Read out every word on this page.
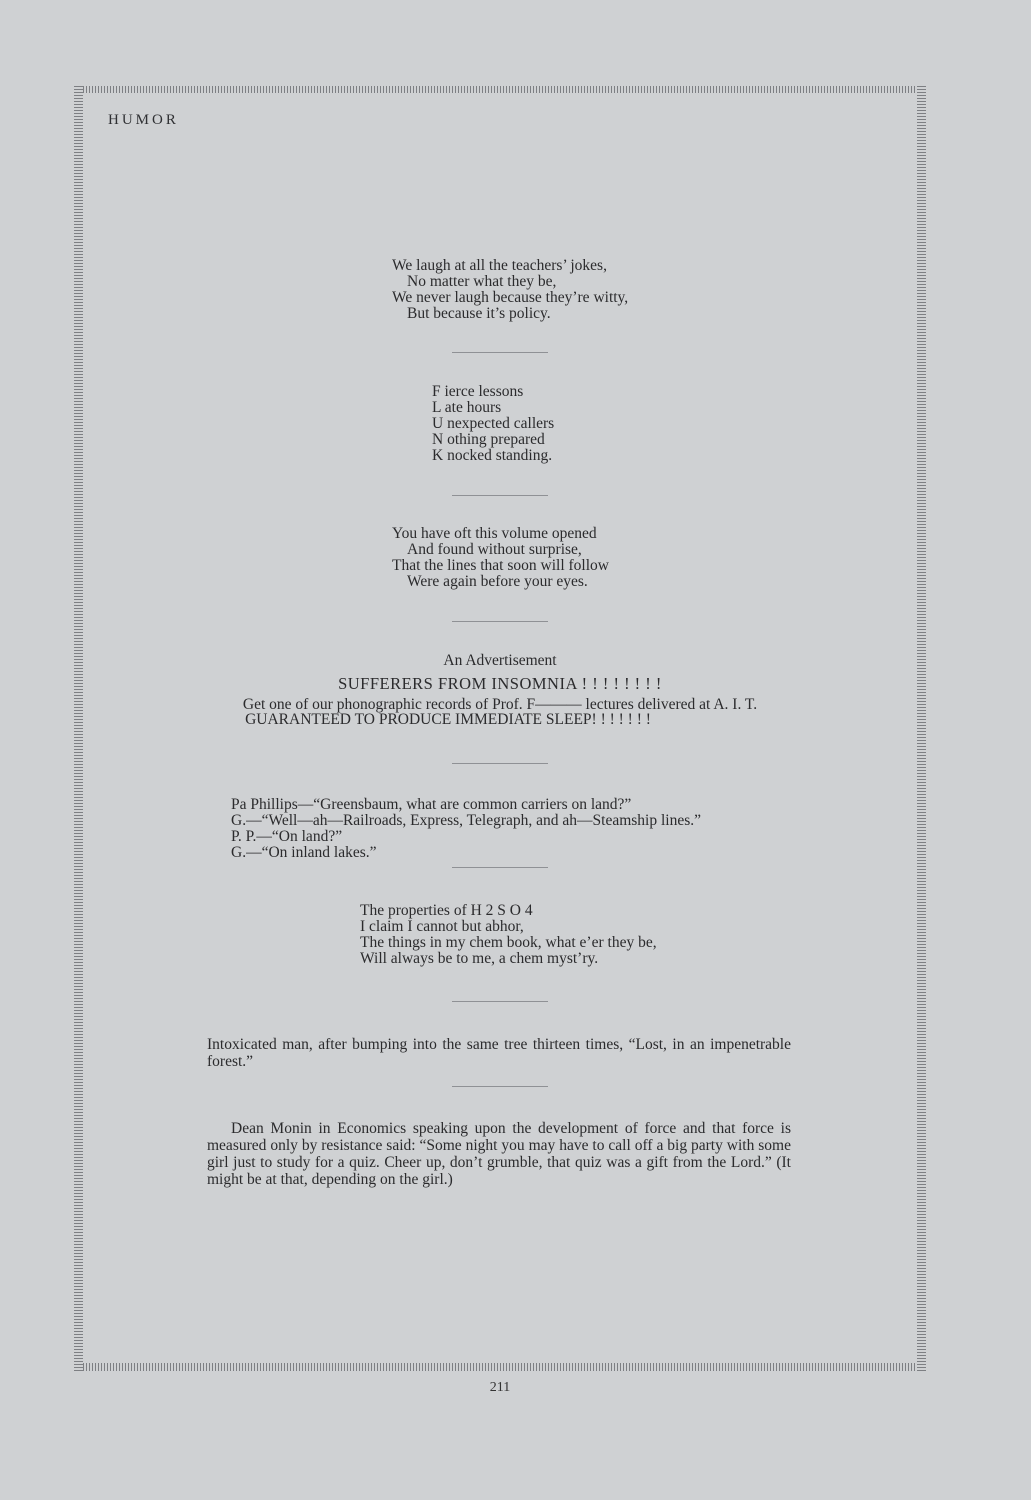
HUMOR
We laugh at all the teachers’ jokes,
No matter what they be,
We never laugh because they’re witty,
But because it’s policy.
F ierce lessons
L ate hours
U nexpected callers
N othing prepared
K nocked standing.
You have oft this volume opened
And found without surprise,
That the lines that soon will follow
Were again before your eyes.
An Advertisement
SUFFERERS FROM INSOMNIA ! ! ! ! ! ! ! !
Get one of our phonographic records of Prof. F——— lectures delivered at A. I. T.
GUARANTEED TO PRODUCE IMMEDIATE SLEEP! ! ! ! ! ! !
Pa Phillips—“Greensbaum, what are common carriers on land?”
G.—“Well—ah—Railroads, Express, Telegraph, and ah—Steamship lines.”
P. P.—“On land?”
G.—“On inland lakes.”
The properties of H 2 S O 4
I claim I cannot but abhor,
The things in my chem book, what e’er they be,
Will always be to me, a chem myst’ry.
Intoxicated man, after bumping into the same tree thirteen times, “Lost, in an impenetrable forest.”
Dean Monin in Economics speaking upon the development of force and that force is measured only by resistance said: “Some night you may have to call off a big party with some girl just to study for a quiz. Cheer up, don’t grumble, that quiz was a gift from the Lord.” (It might be at that, depending on the girl.)
211
